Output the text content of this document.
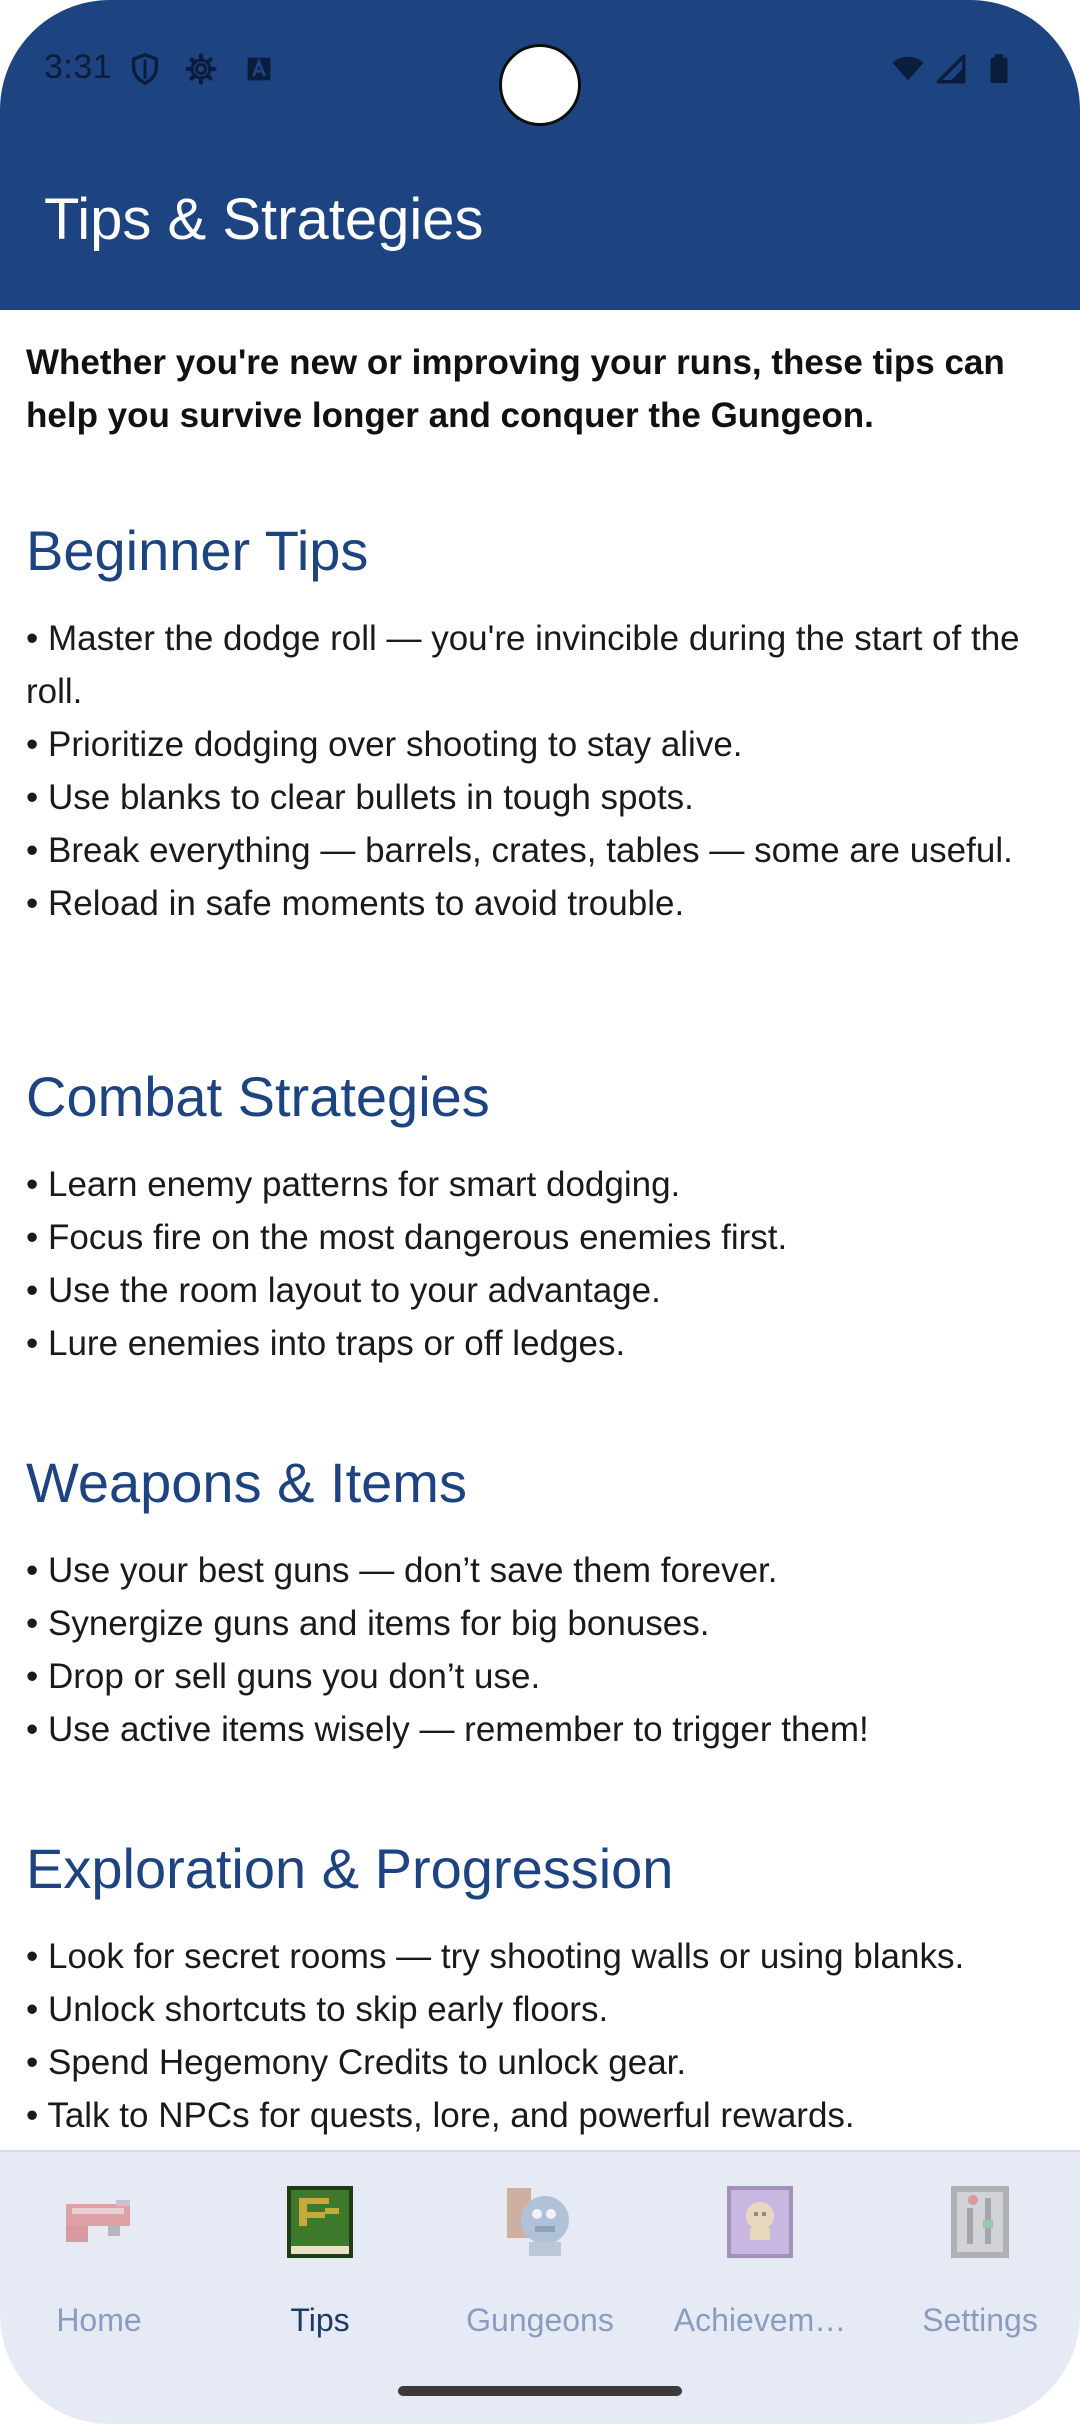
3:31
Tips & Strategies
Whether you're new or improving your runs, these tips can help you survive longer and conquer the Gungeon.
Beginner Tips
• Master the dodge roll — you're invincible during the start of the roll.
• Prioritize dodging over shooting to stay alive.
• Use blanks to clear bullets in tough spots.
• Break everything — barrels, crates, tables — some are useful.
• Reload in safe moments to avoid trouble.
Combat Strategies
• Learn enemy patterns for smart dodging.
• Focus fire on the most dangerous enemies first.
• Use the room layout to your advantage.
• Lure enemies into traps or off ledges.
Weapons & Items
• Use your best guns — don’t save them forever.
• Synergize guns and items for big bonuses.
• Drop or sell guns you don’t use.
• Use active items wisely — remember to trigger them!
Exploration & Progression
• Look for secret rooms — try shooting walls or using blanks.
• Unlock shortcuts to skip early floors.
• Spend Hegemony Credits to unlock gear.
• Talk to NPCs for quests, lore, and powerful rewards.
Home	Tips	Gungeons	Achievem…	Settings
